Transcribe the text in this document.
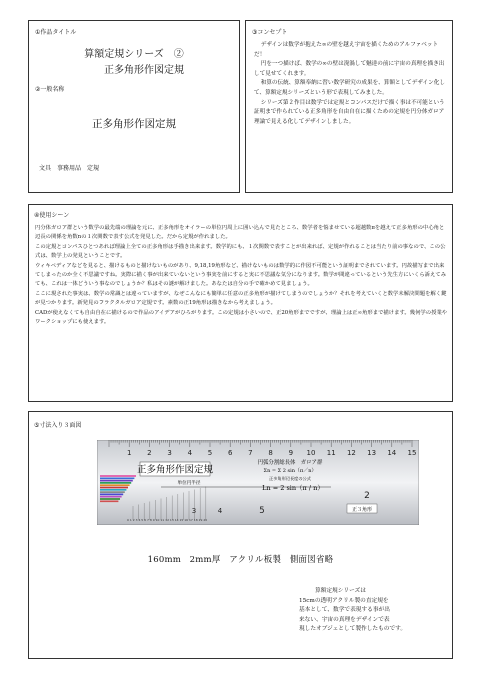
①作品タイトル
算額定規シリーズ　②
正多角形作図定規
②一般名称
正多角形作図定規
文具　事務用品　定規
③コンセプト

デザインは数学が抱えた∞の壁を越え宇宙を描くためのアルファベットだ！

円を一つ描けば、数学の∞の壁は溌渦して魅達の前に宇宙の真理を描き出して見せてくれます。

和算の伝統、算額奉納に習い数学研究の成果を、算額としてデザイン化して、算額定規シリーズという形で表現してみました。

シリーズ第２作目は数学では定規とコンパスだけで描く事は不可能という証明まで作られている正多角形を自由自在に描くための定規を円分体ガロア理論で見える化してデザインしました。

④使用シーン

円分体ガロア群という数学の最先端の理論を元に、正多角形をオイラーの単位円周上に囲い込んで見たところ、数学者を悩ませている超越数πを越えて正多角形の中心角と辺長の関係を角数nの１次関数で表す公式を発見した。だから定規が作れました。

この定規とコンパスひとつあれば理論上全ての正多角形は手描き出来ます。数学的にも、１次関数で表すことが出来れば、定規が作れることは当たり前の事なので、この公式は、数学上の発見ということです。

ウィキペディアなどを見ると、描けるものと描けないものがあり、9,18,19角形など、描けないものは数学的に作図不可能という証明までされています。円故描写まで出来てしまったのか全く不思議ですね。実際に描く事が出来ていないという事実を前にすると実に不思議な気分になります。数学が間違っているという先生方にいくら訴えてみても、これは一体どういう事なのでしょうか？私はその謎が解けました。あなたは自分の手で確かめて見ましょう。

ここに現された事実は、数学の常識とは違っていますが、なぜこんなにも簡単に任意の正多角形が描けてしまうのでしょうか？それを考えていくと数学未解決問題を解く鍵が見つかります。新発見のフラクタルガロア定規です。素数の正19角形は描きなから考えましょう。

CADが使えなくても自由自在に描けるので作品のアイデアがひろがります。この定規は小さいので、正20角形までですが、理論上は正∞角形まで描けます。幾何学の授業やワークショップにも使えます。

⑤寸法入り３面図
1 2 3 4 5 6 7 8 9 10 11 12 13 14 15
5
4
3
2
正多角形作図定規
単位円半径
円弧分割総長体　ガロア群
Σn = Σ 2 sin（π／n）
正多角形辺長度の公式
Ln = 2 sin（π / n）
正３角形
0 1 2 3 4 5 6 7 8 9 10 11 12 13 14 15 16 17 18 19 20
160mm　2mm厚　アクリル板製　側面図省略

算額定規シリーズは

15cmの透明アクリル製の直定規を

基本として、数学で表現する事が出

来ない、宇宙の真理をデザインで表

現したオブジェとして製作したものです。
